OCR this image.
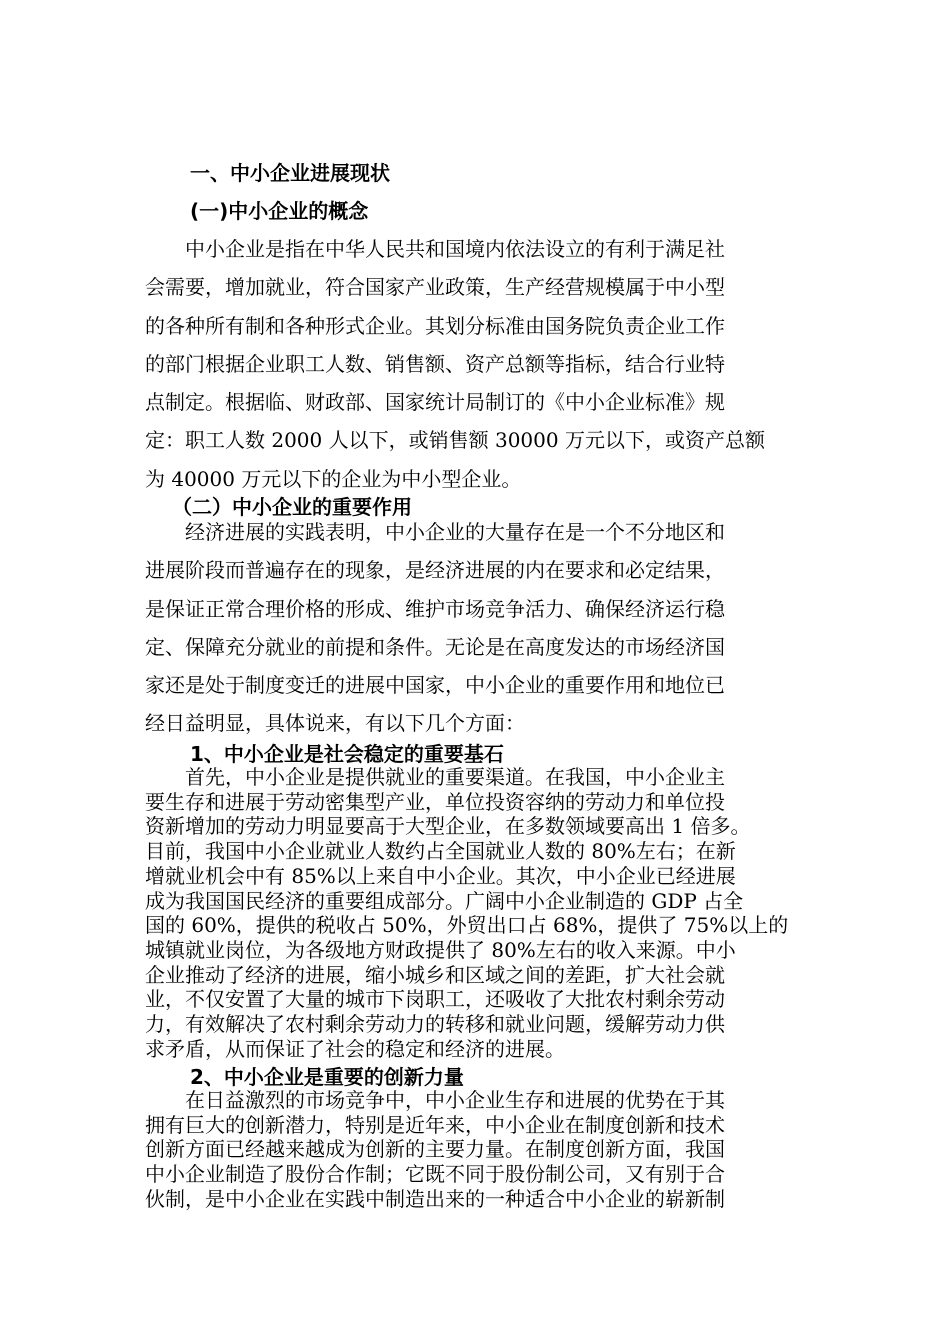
一、中小企业进展现状
(一)中小企业的概念
中小企业是指在中华人民共和国境内依法设立的有利于满足社
会需要，增加就业，符合国家产业政策，生产经营规模属于中小型
的各种所有制和各种形式企业。其划分标准由国务院负责企业工作
的部门根据企业职工人数、销售额、资产总额等指标，结合行业特
点制定。根据临、财政部、国家统计局制订的《中小企业标准》规
定：职工人数 2000 人以下，或销售额 30000 万元以下，或资产总额
为 40000 万元以下的企业为中小型企业。
（二）中小企业的重要作用
经济进展的实践表明，中小企业的大量存在是一个不分地区和
进展阶段而普遍存在的现象，是经济进展的内在要求和必定结果，
是保证正常合理价格的形成、维护市场竞争活力、确保经济运行稳
定、保障充分就业的前提和条件。无论是在高度发达的市场经济国
家还是处于制度变迁的进展中国家，中小企业的重要作用和地位已
经日益明显，具体说来，有以下几个方面：
1、中小企业是社会稳定的重要基石
首先，中小企业是提供就业的重要渠道。在我国，中小企业主
要生存和进展于劳动密集型产业，单位投资容纳的劳动力和单位投
资新增加的劳动力明显要高于大型企业，在多数领域要高出 1 倍多。
目前，我国中小企业就业人数约占全国就业人数的 80%左右；在新
增就业机会中有 85%以上来自中小企业。其次，中小企业已经进展
成为我国国民经济的重要组成部分。广阔中小企业制造的 GDP 占全
国的 60%，提供的税收占 50%，外贸出口占 68%，提供了 75%以上的
城镇就业岗位，为各级地方财政提供了 80%左右的收入来源。中小
企业推动了经济的进展，缩小城乡和区域之间的差距，扩大社会就
业，不仅安置了大量的城市下岗职工，还吸收了大批农村剩余劳动
力，有效解决了农村剩余劳动力的转移和就业问题，缓解劳动力供
求矛盾，从而保证了社会的稳定和经济的进展。
2、中小企业是重要的创新力量
在日益激烈的市场竞争中，中小企业生存和进展的优势在于其
拥有巨大的创新潜力，特别是近年来，中小企业在制度创新和技术
创新方面已经越来越成为创新的主要力量。在制度创新方面，我国
中小企业制造了股份合作制；它既不同于股份制公司，又有别于合
伙制，是中小企业在实践中制造出来的一种适合中小企业的崭新制
